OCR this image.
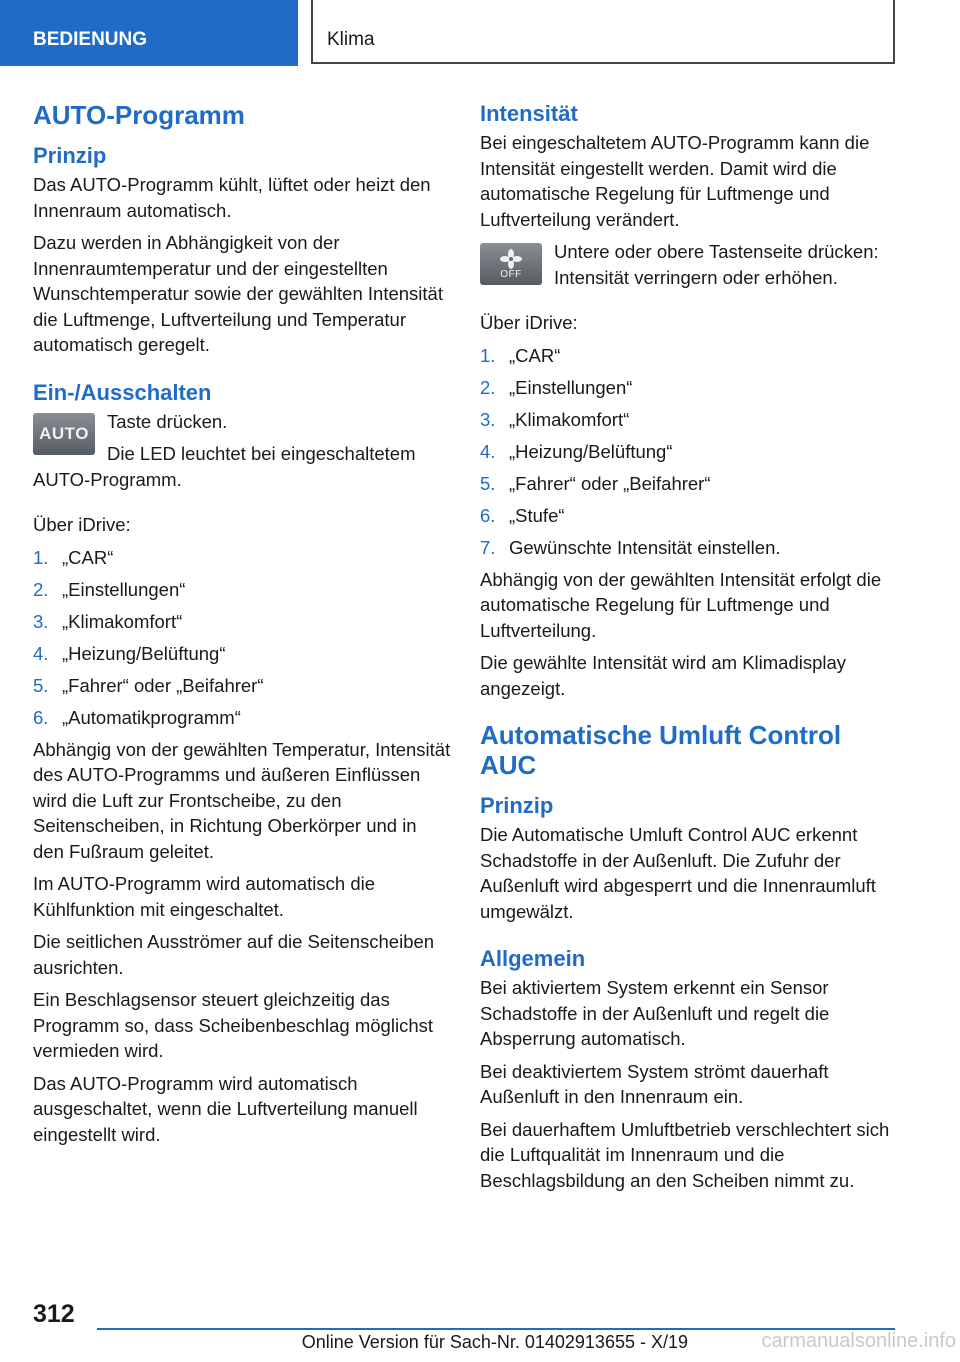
BEDIENUNG	Klima
AUTO-Programm
Prinzip

Das AUTO-Programm kühlt, lüftet oder heizt den Innenraum automatisch.

Dazu werden in Abhängigkeit von der Innenraumtemperatur und der eingestellten Wunschtemperatur sowie der gewählten Intensität die Luftmenge, Luftverteilung und Temperatur automatisch geregelt.

Ein-/Ausschalten
AUTO

Taste drücken.

Die LED leuchtet bei eingeschaltetem AUTO-Programm.

Über iDrive:

1. „CAR“
2. „Einstellungen“
3. „Klimakomfort“
4. „Heizung/Belüftung“
5. „Fahrer“ oder „Beifahrer“
6. „Automatikprogramm“

Abhängig von der gewählten Temperatur, Intensität des AUTO-Programms und äußeren Einflüssen wird die Luft zur Frontscheibe, zu den Seitenscheiben, in Richtung Oberkörper und in den Fußraum geleitet.

Im AUTO-Programm wird automatisch die Kühlfunktion mit eingeschaltet.

Die seitlichen Ausströmer auf die Seitenscheiben ausrichten.

Ein Beschlagsensor steuert gleichzeitig das Programm so, dass Scheibenbeschlag möglichst vermieden wird.

Das AUTO-Programm wird automatisch ausgeschaltet, wenn die Luftverteilung manuell eingestellt wird.

Intensität

Bei eingeschaltetem AUTO-Programm kann die Intensität eingestellt werden. Damit wird die automatische Regelung für Luftmenge und Luftverteilung verändert.

OFF

Untere oder obere Tastenseite drücken: Intensität verringern oder erhöhen.

Über iDrive:

1. „CAR“
2. „Einstellungen“
3. „Klimakomfort“
4. „Heizung/Belüftung“
5. „Fahrer“ oder „Beifahrer“
6. „Stufe“
7. Gewünschte Intensität einstellen.

Abhängig von der gewählten Intensität erfolgt die automatische Regelung für Luftmenge und Luftverteilung.

Die gewählte Intensität wird am Klimadisplay angezeigt.

Automatische Umluft Control AUC
Prinzip

Die Automatische Umluft Control AUC erkennt Schadstoffe in der Außenluft. Die Zufuhr der Außenluft wird abgesperrt und die Innenraumluft umgewälzt.

Allgemein

Bei aktiviertem System erkennt ein Sensor Schadstoffe in der Außenluft und regelt die Absperrung automatisch.

Bei deaktiviertem System strömt dauerhaft Außenluft in den Innenraum ein.

Bei dauerhaftem Umluftbetrieb verschlechtert sich die Luftqualität im Innenraum und die Beschlagsbildung an den Scheiben nimmt zu.

312
Online Version für Sach-Nr. 01402913655 - X/19	carmanualsonline.info
